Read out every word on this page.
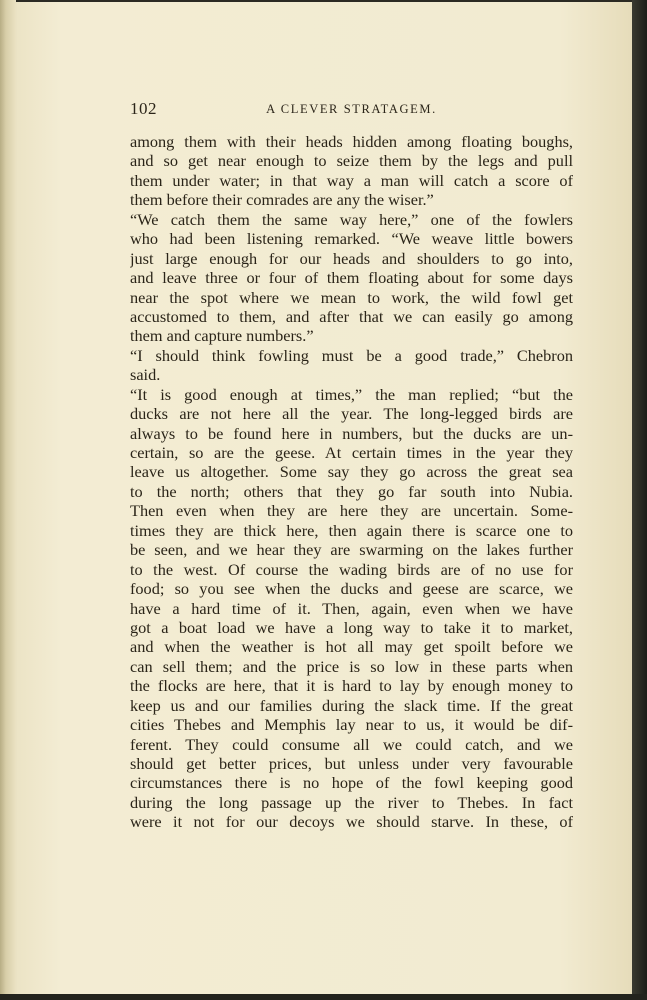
102	A CLEVER STRATAGEM.
among them with their heads hidden among floating boughs,
and so get near enough to seize them by the legs and pull
them under water; in that way a man will catch a score of
them before their comrades are any the wiser.”
“We catch them the same way here,” one of the fowlers
who had been listening remarked. “We weave little bowers
just large enough for our heads and shoulders to go into,
and leave three or four of them floating about for some days
near the spot where we mean to work, the wild fowl get
accustomed to them, and after that we can easily go among
them and capture numbers.”
“I should think fowling must be a good trade,” Chebron
said.
“It is good enough at times,” the man replied; “but the
ducks are not here all the year. The long-legged birds are
always to be found here in numbers, but the ducks are un-
certain, so are the geese. At certain times in the year they
leave us altogether. Some say they go across the great sea
to the north; others that they go far south into Nubia.
Then even when they are here they are uncertain. Some-
times they are thick here, then again there is scarce one to
be seen, and we hear they are swarming on the lakes further
to the west. Of course the wading birds are of no use for
food; so you see when the ducks and geese are scarce, we
have a hard time of it. Then, again, even when we have
got a boat load we have a long way to take it to market,
and when the weather is hot all may get spoilt before we
can sell them; and the price is so low in these parts when
the flocks are here, that it is hard to lay by enough money to
keep us and our families during the slack time. If the great
cities Thebes and Memphis lay near to us, it would be dif-
ferent. They could consume all we could catch, and we
should get better prices, but unless under very favourable
circumstances there is no hope of the fowl keeping good
during the long passage up the river to Thebes. In fact
were it not for our decoys we should starve. In these, of
